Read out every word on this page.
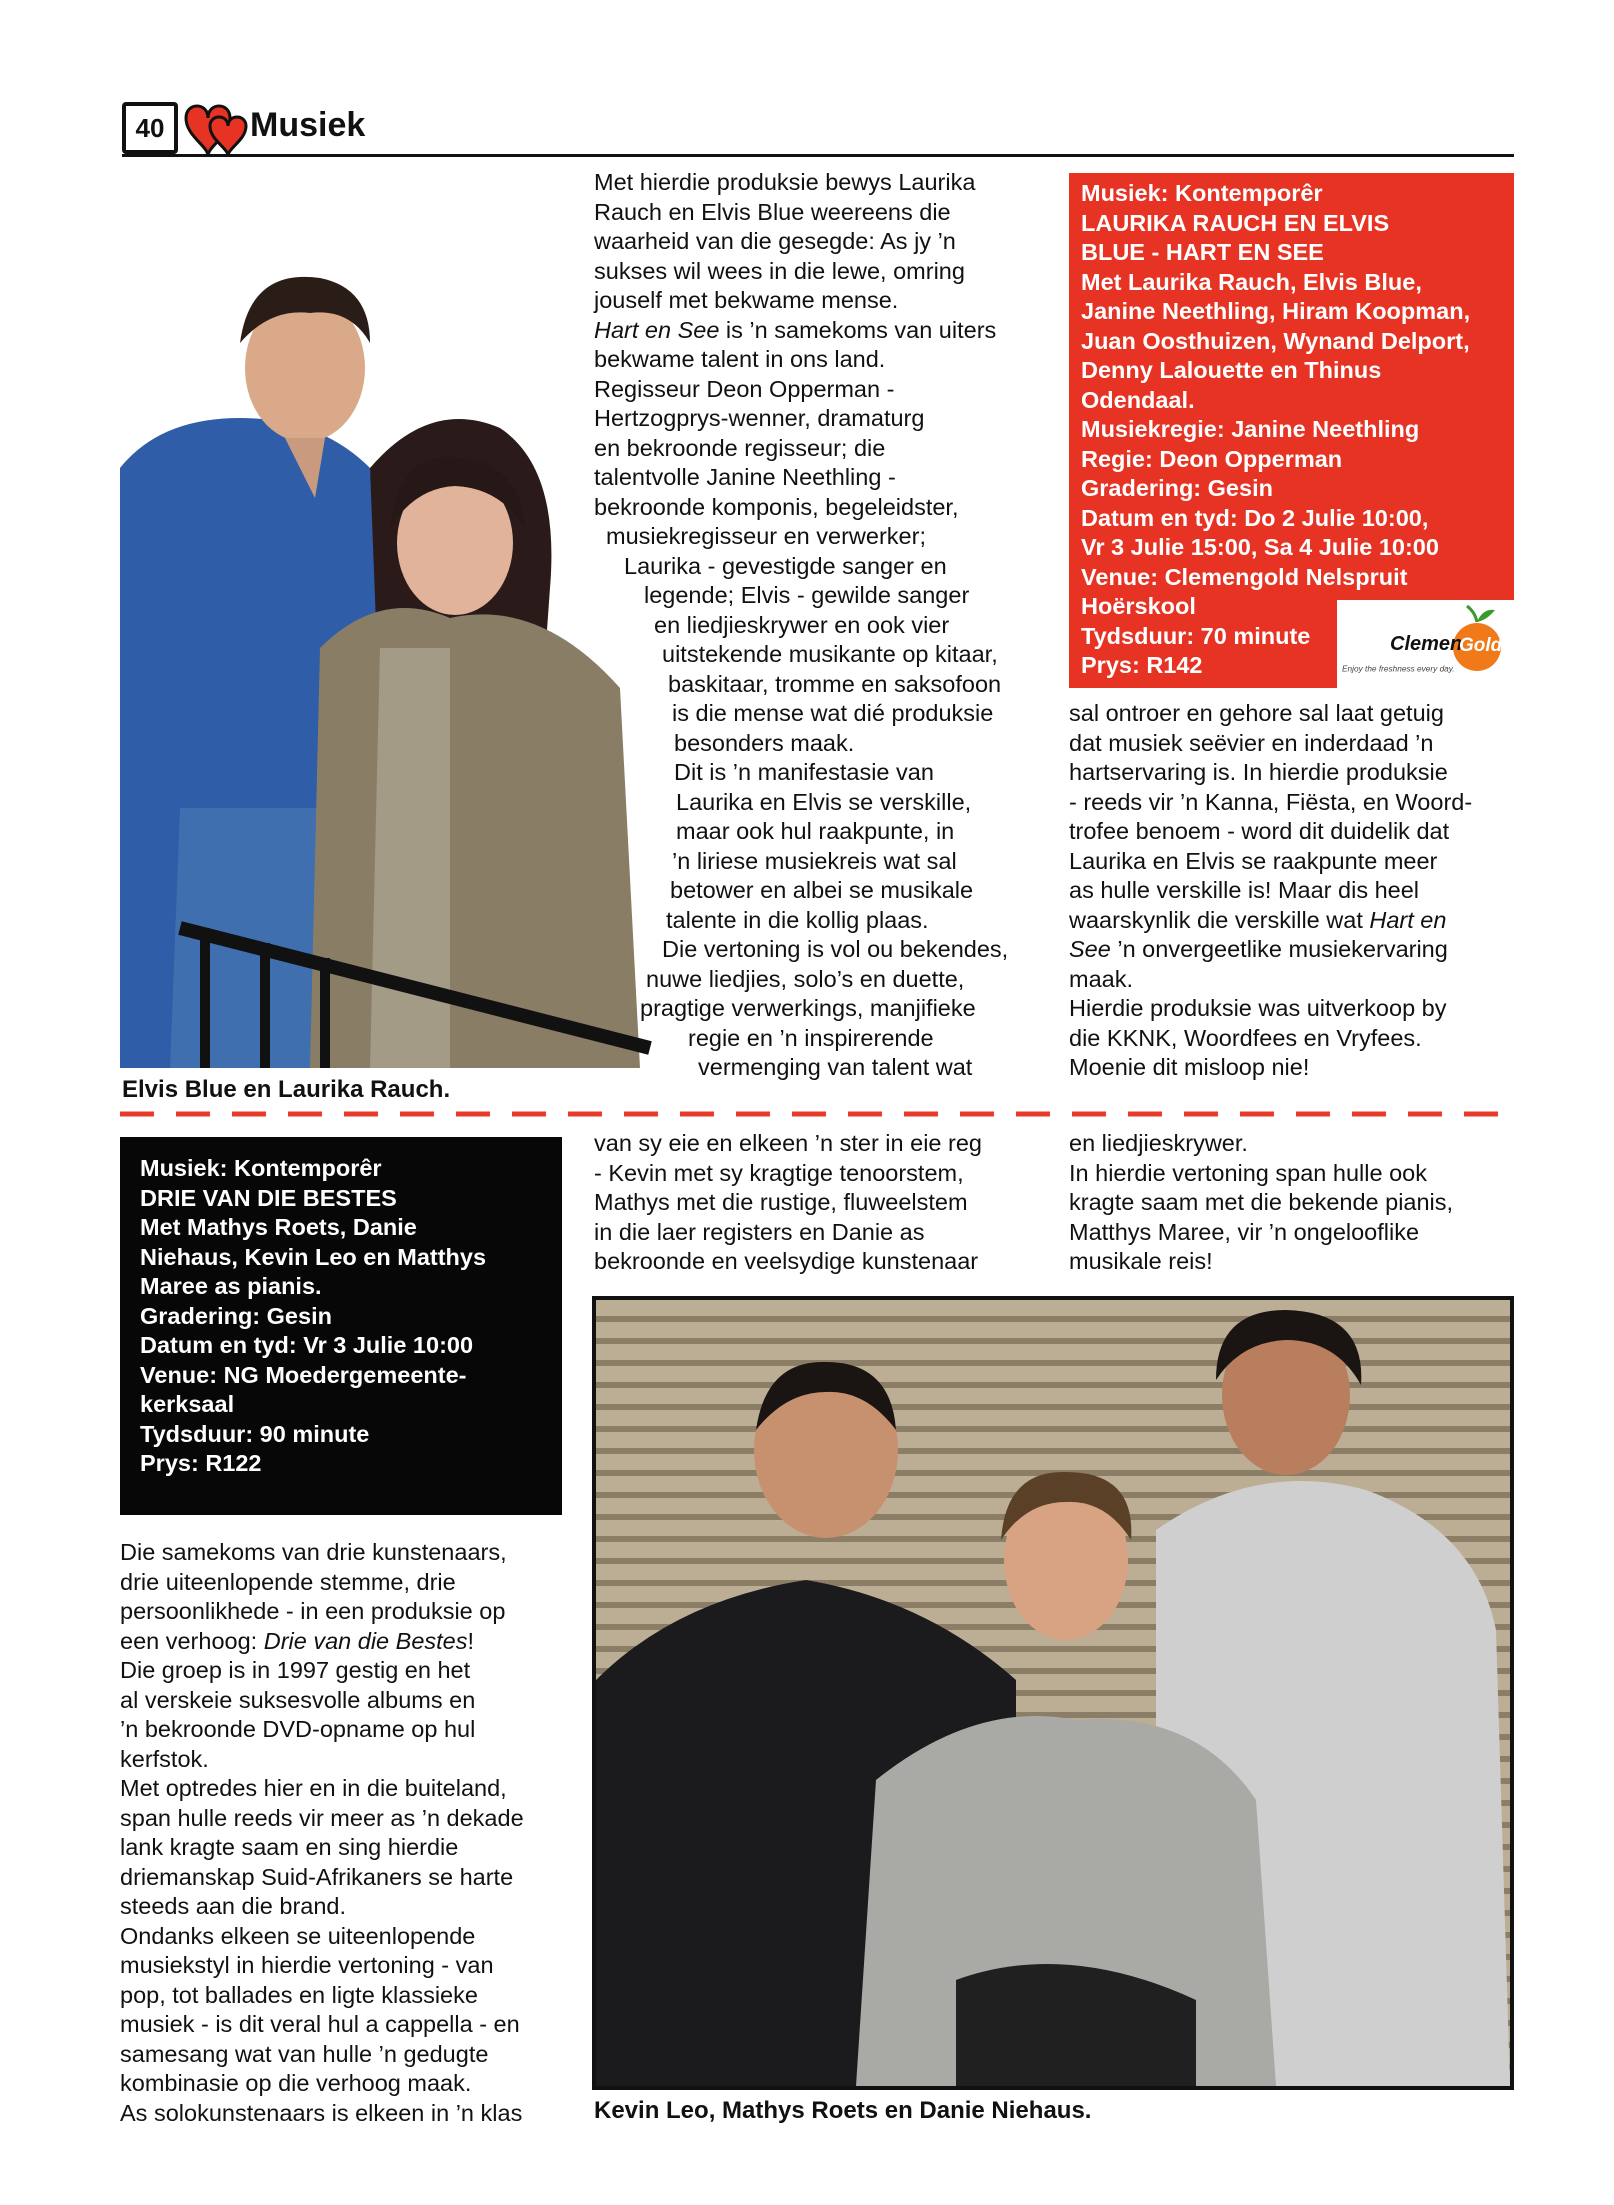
40	Musiek
Elvis Blue en Laurika Rauch.
Met hierdie produksie bewys Laurika
Rauch en Elvis Blue weereens die
waarheid van die gesegde: As jy ’n
sukses wil wees in die lewe, omring
jouself met bekwame mense.
Hart en See is ’n samekoms van uiters
bekwame talent in ons land.
Regisseur Deon Opperman -
Hertzogprys-wenner, dramaturg
en bekroonde regisseur; die
talentvolle Janine Neethling -
bekroonde komponis, begeleidster,
musiekregisseur en verwerker;
Laurika - gevestigde sanger en
legende; Elvis - gewilde sanger
en liedjieskrywer en ook vier
uitstekende musikante op kitaar,
baskitaar, tromme en saksofoon
is die mense wat dié produksie
besonders maak.
Dit is ’n manifestasie van
Laurika en Elvis se verskille,
maar ook hul raakpunte, in
’n liriese musiekreis wat sal
betower en albei se musikale
talente in die kollig plaas.
Die vertoning is vol ou bekendes,
nuwe liedjies, solo’s en duette,
pragtige verwerkings, manjifieke
regie en ’n inspirerende
vermenging van talent wat
Musiek: Kontemporêr
LAURIKA RAUCH EN ELVIS
BLUE - HART EN SEE
Met Laurika Rauch, Elvis Blue,
Janine Neethling, Hiram Koopman,
Juan Oosthuizen, Wynand Delport,
Denny Lalouette en Thinus
Odendaal.
Musiekregie: Janine Neethling
Regie: Deon Opperman
Gradering: Gesin
Datum en tyd: Do 2 Julie 10:00,
Vr 3 Julie 15:00, Sa 4 Julie 10:00
Venue: Clemengold Nelspruit
Hoërskool
Tydsduur: 70 minute
Prys: R142
Clemen
Gold
Enjoy the freshness every day.
sal ontroer en gehore sal laat getuig
dat musiek seëvier en inderdaad ’n
hartservaring is. In hierdie produksie
- reeds vir ’n Kanna, Fiësta, en Woord-
trofee benoem - word dit duidelik dat
Laurika en Elvis se raakpunte meer
as hulle verskille is! Maar dis heel
waarskynlik die verskille wat Hart en
See ’n onvergeetlike musiekervaring
maak.
Hierdie produksie was uitverkoop by
die KKNK, Woordfees en Vryfees.
Moenie dit misloop nie!
Musiek: Kontemporêr
DRIE VAN DIE BESTES
Met Mathys Roets, Danie
Niehaus, Kevin Leo en Matthys
Maree as pianis.
Gradering: Gesin
Datum en tyd: Vr 3 Julie 10:00
Venue: NG Moedergemeente-
kerksaal
Tydsduur: 90 minute
Prys: R122
Die samekoms van drie kunstenaars,
drie uiteenlopende stemme, drie
persoonlikhede - in een produksie op
een verhoog: Drie van die Bestes!
Die groep is in 1997 gestig en het
al verskeie suksesvolle albums en
’n bekroonde DVD-opname op hul
kerfstok.
Met optredes hier en in die buiteland,
span hulle reeds vir meer as ’n dekade
lank kragte saam en sing hierdie
driemanskap Suid-Afrikaners se harte
steeds aan die brand.
Ondanks elkeen se uiteenlopende
musiekstyl in hierdie vertoning - van
pop, tot ballades en ligte klassieke
musiek - is dit veral hul a cappella - en
samesang wat van hulle ’n gedugte
kombinasie op die verhoog maak.
As solokunstenaars is elkeen in ’n klas
van sy eie en elkeen ’n ster in eie reg
- Kevin met sy kragtige tenoorstem,
Mathys met die rustige, fluweelstem
in die laer registers en Danie as
bekroonde en veelsydige kunstenaar
en liedjieskrywer.
In hierdie vertoning span hulle ook
kragte saam met die bekende pianis,
Matthys Maree, vir ’n ongelooflike
musikale reis!
Kevin Leo, Mathys Roets en Danie Niehaus.
